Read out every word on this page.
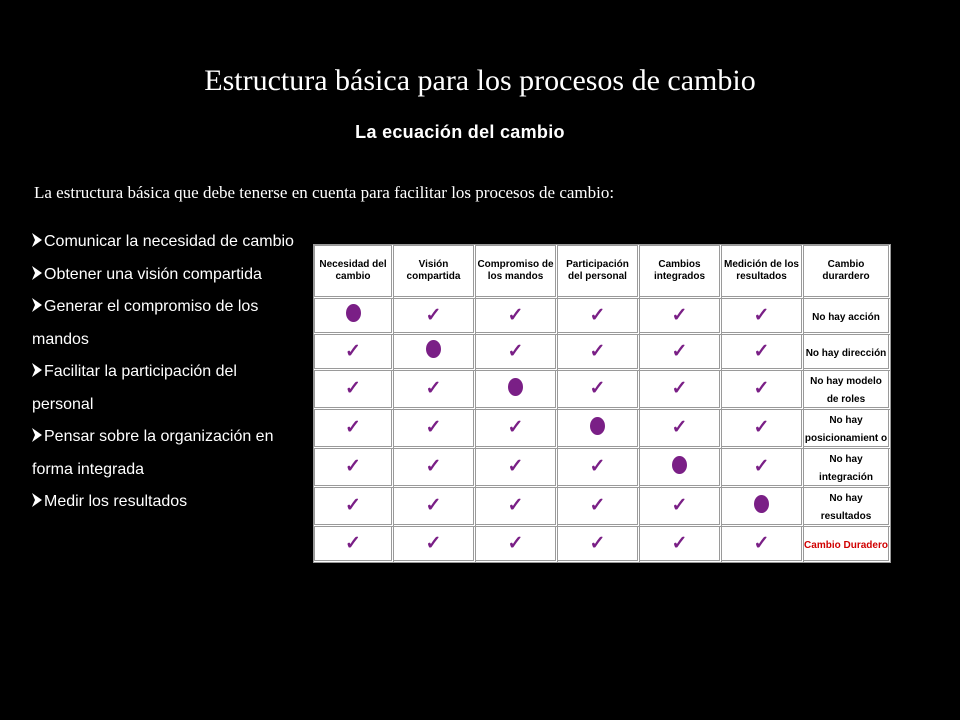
Estructura básica para los procesos de cambio
La ecuación del cambio
La estructura básica que debe tenerse en cuenta para facilitar los procesos de cambio:
Comunicar la necesidad de cambio
Obtener una visión compartida
Generar el compromiso de los mandos
Facilitar la participación del personal
Pensar sobre la organización en forma integrada
Medir los resultados
Necesidad del cambio	Visión compartida	Compromiso de los mandos	Participación del personal	Cambios integrados	Medición de los resultados	Cambio durardero
	✓	✓	✓	✓	✓	No hay acción
✓		✓	✓	✓	✓	No hay dirección
✓	✓		✓	✓	✓	No hay modelo de roles
✓	✓	✓		✓	✓	No hay posicionamient o
✓	✓	✓	✓		✓	No hay integración
✓	✓	✓	✓	✓		No hay resultados
✓	✓	✓	✓	✓	✓	Cambio Duradero
